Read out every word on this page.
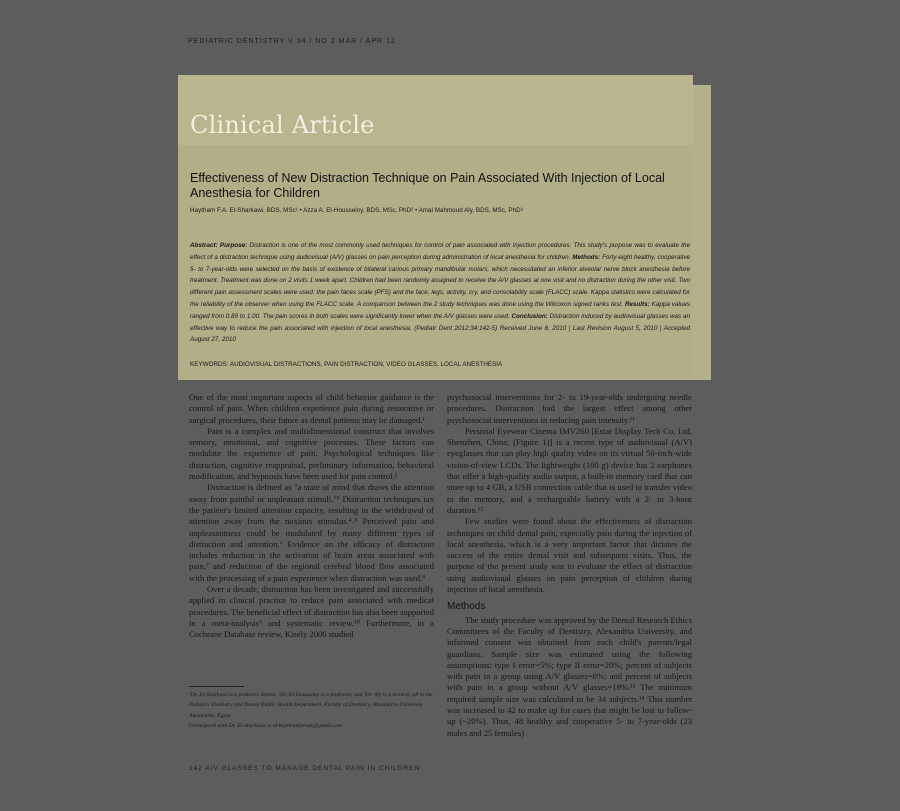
PEDIATRIC DENTISTRY V 34 / NO 2 MAR / APR 12
Clinical Article
Effectiveness of New Distraction Technique on Pain Associated With Injection of Local Anesthesia for Children
Haytham F.A. El-Sharkawi, BDS, MSc¹ • Azza A. El-Housseiny, BDS, MSc, PhD² • Amal Mahmoud Aly, BDS, MSc, PhD³
Abstract: Purpose: Distraction is one of the most commonly used techniques for control of pain associated with injection procedures. This study's purpose was to evaluate the effect of a distraction technique using audiovisual (A/V) glasses on pain perception during administration of local anesthesia for children. Methods: Forty-eight healthy, cooperative 5- to 7-year-olds were selected on the basis of existence of bilateral carious primary mandibular molars, which necessitated an inferior alveolar nerve block anesthesia before treatment. Treatment was done on 2 visits 1 week apart. Children had been randomly assigned to receive the A/V glasses at one visit and no distraction during the other visit. Two different pain assessment scales were used: the pain faces scale (PFS) and the face, legs, activity, cry, and consolability scale (FLACC) scale. Kappa statistics were calculated for the reliability of the observer when using the FLACC scale. A comparison between the 2 study techniques was done using the Wilcoxon signed ranks test. Results: Kappa values ranged from 0.89 to 1.00. The pain scores in both scales were significantly lower when the A/V glasses were used. Conclusion: Distraction induced by audiovisual glasses was an effective way to reduce the pain associated with injection of local anesthesia. (Pediatr Dent 2012;34:142-5) Received June 8, 2010 | Last Revision August 5, 2010 | Accepted August 27, 2010
KEYWORDS: AUDIOVISUAL DISTRACTIONS, PAIN DISTRACTION, VIDEO GLASSES, LOCAL ANESTHESIA

One of the most important aspects of child behavior guidance is the control of pain. When children experience pain during restorative or surgical procedures, their future as dental patients may be damaged.¹

Pain is a complex and multidimensional construct that involves sensory, emotional, and cognitive processes. These factors can modulate the experience of pain. Psychological techniques like distraction, cognitive reappraisal, preliminary information, behavioral modification, and hypnosis have been used for pain control.²

Distraction is defined as "a state of mind that draws the attention away from painful or unpleasant stimuli."³ Distraction techniques tax the patient's limited attention capacity, resulting in the withdrawal of attention away from the noxious stimulus.⁴˒⁵ Perceived pain and unpleasantness could be modulated by many different types of distraction and attention.⁶ Evidence on the efficacy of distraction includes reduction in the activation of brain areas associated with pain,⁷ and reduction of the regional cerebral blood flow associated with the processing of a pain experience when distraction was used.⁸

Over a decade, distraction has been investigated and successfully applied in clinical practice to reduce pain associated with medical procedures. The beneficial effect of distraction has also been supported in a meta-analysis⁹ and systematic review.¹⁰ Furthermore, in a Cochrane Database review, Kisely 2006 studied

psychosocial interventions for 2- to 19-year-olds undergoing needle procedures. Distraction had the largest effect among other psychosocial interventions in reducing pain intensity.¹¹

Personal Eyewear Cinema IMV260 [Estar Display Tech Co, Ltd, Shenzhen, China; (Figure 1)] is a recent type of audiovisual (A/V) eyeglasses that can play high quality video on its virtual 50-inch-wide vision-of-view LCDs. The lightweight (100 g) device has 2 earphones that offer a high-quality audio output, a built-in memory card that can store up to 4 GB, a USB connection cable that is used to transfer video to the memory, and a rechargeable battery with a 2- to 3-hour duration.¹²

Few studies were found about the effectiveness of distraction techniques on child dental pain, especially pain during the injection of local anesthesia, which is a very important factor that dictates the success of the entire dental visit and subsequent visits. Thus, the purpose of the present study was to evaluate the effect of distraction using audiovisual glasses on pain perception of children during injection of local anesthesia.

Methods

The study procedure was approved by the Dental Research Ethics Committees of the Faculty of Dentistry, Alexandria University, and informed consent was obtained from each child's parents/legal guardians. Sample size was estimated using the following assumptions: type I error=5%; type II error=20%; percent of subjects with pain in a group using A/V glasses=0%; and percent of subjects with pain in a group without A/V glasses=19%.¹³ The minimum required sample size was calculated to be 34 subjects.¹⁴ This number was increased to 42 to make up for cases that might be lost to follow-up (~20%). Thus, 48 healthy and cooperative 5- to 7-year-olds (23 males and 25 females)

¹Dr. El-Sharkawi is a pediatric dentist. ²Dr. El-Housseiny is a professor, and ³Dr. Aly is a lecturer, all in the Pediatric Dentistry and Dental Public Health Department, Faculty of Dentistry, Alexandria University Alexandria, Egypt.
Correspond with Dr. El-Sharkawi at dr.haythamfarouk@gmail.com
142 A/V GLASSES TO MANAGE DENTAL PAIN IN CHILDREN
